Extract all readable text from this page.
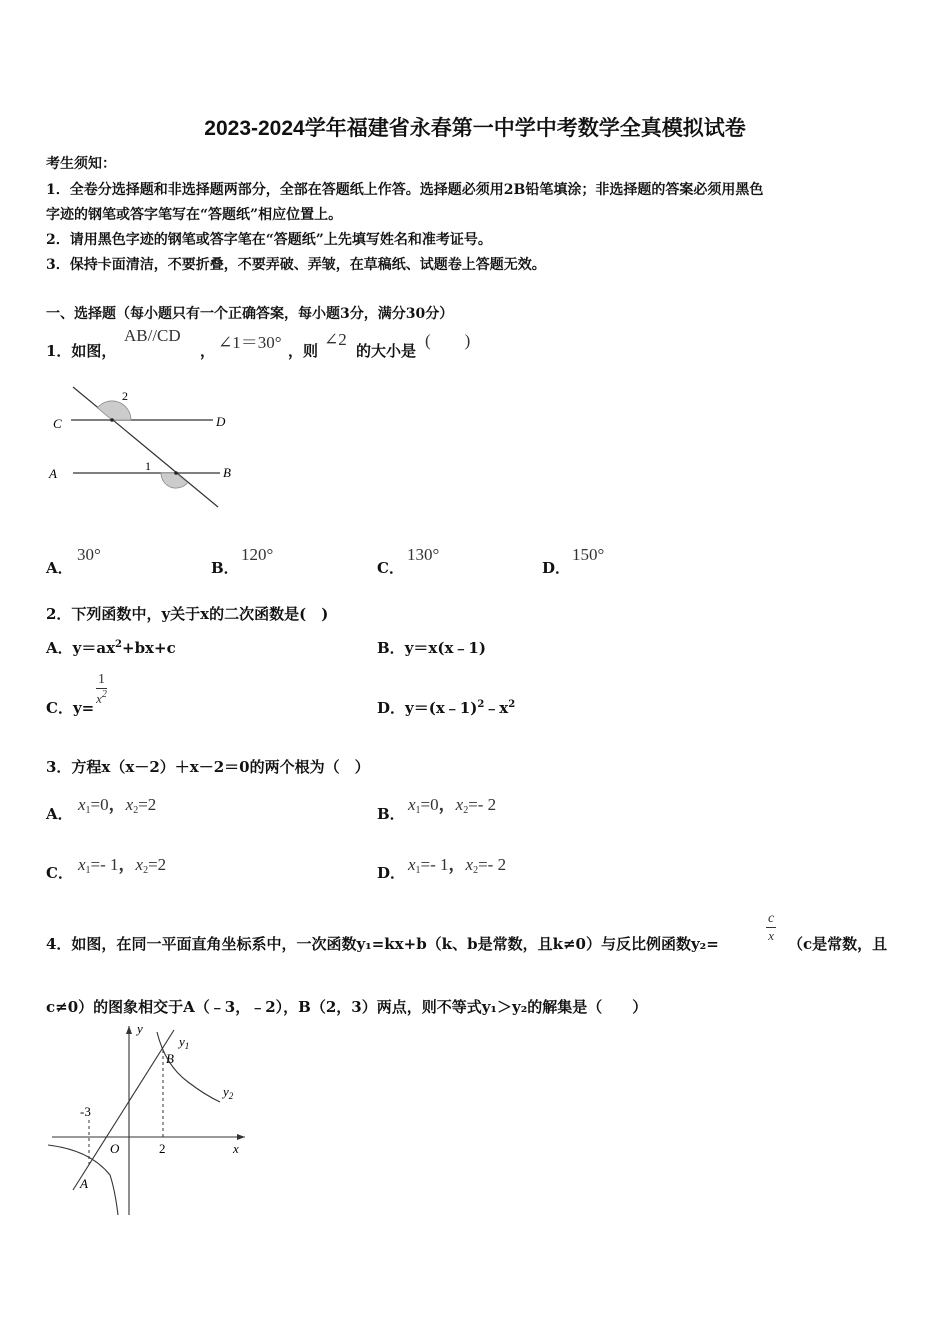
2023-2024学年福建省永春第一中学中考数学全真模拟试卷
考生须知：
1．全卷分选择题和非选择题两部分，全部在答题纸上作答。选择题必须用2B铅笔填涂；非选择题的答案必须用黑色
字迹的钢笔或答字笔写在“答题纸”相应位置上。
2．请用黑色字迹的钢笔或答字笔在“答题纸”上先填写姓名和准考证号。
3．保持卡面清洁，不要折叠，不要弄破、弄皱，在草稿纸、试题卷上答题无效。
一、选择题（每小题只有一个正确答案，每小题3分，满分30分）
1．如图，
AB//CD
， ∠1＝30° ，则
∠2
的大小是
(　　)
C	D
A	B
1
2
A．
30°
B．
120°
C．
130°
D．
150°
2．下列函数中，y关于x的二次函数是(　)
A．$y=ax^2+bx+c$	B．y＝x(x﹣1)
C．y=
$\frac{1}{x^2}$
D．$y=(x﹣1)^2﹣x^2$
3．方程x（x－2）＋x－2＝0的两个根为（　）
A． $x_1=0$，$x_2=2$	B． $x_1=0$，$x_2=-$ 2
C． $x_1=-$ 1，$x_2=2$	D． $x_1=-$ 1，$x_2=-$ 2
4．如图，在同一平面直角坐标系中，一次函数y₁=kx+b（k、b是常数，且k≠0）与反比例函数y₂=	$\frac{c}{x} (c$是常数，且
c≠0）的图象相交于A（﹣3，﹣2），B（2，3）两点，则不等式y₁＞y₂的解集是（　　）
y
x
O
$y_1$
$y_2$
B
A
-3
2
